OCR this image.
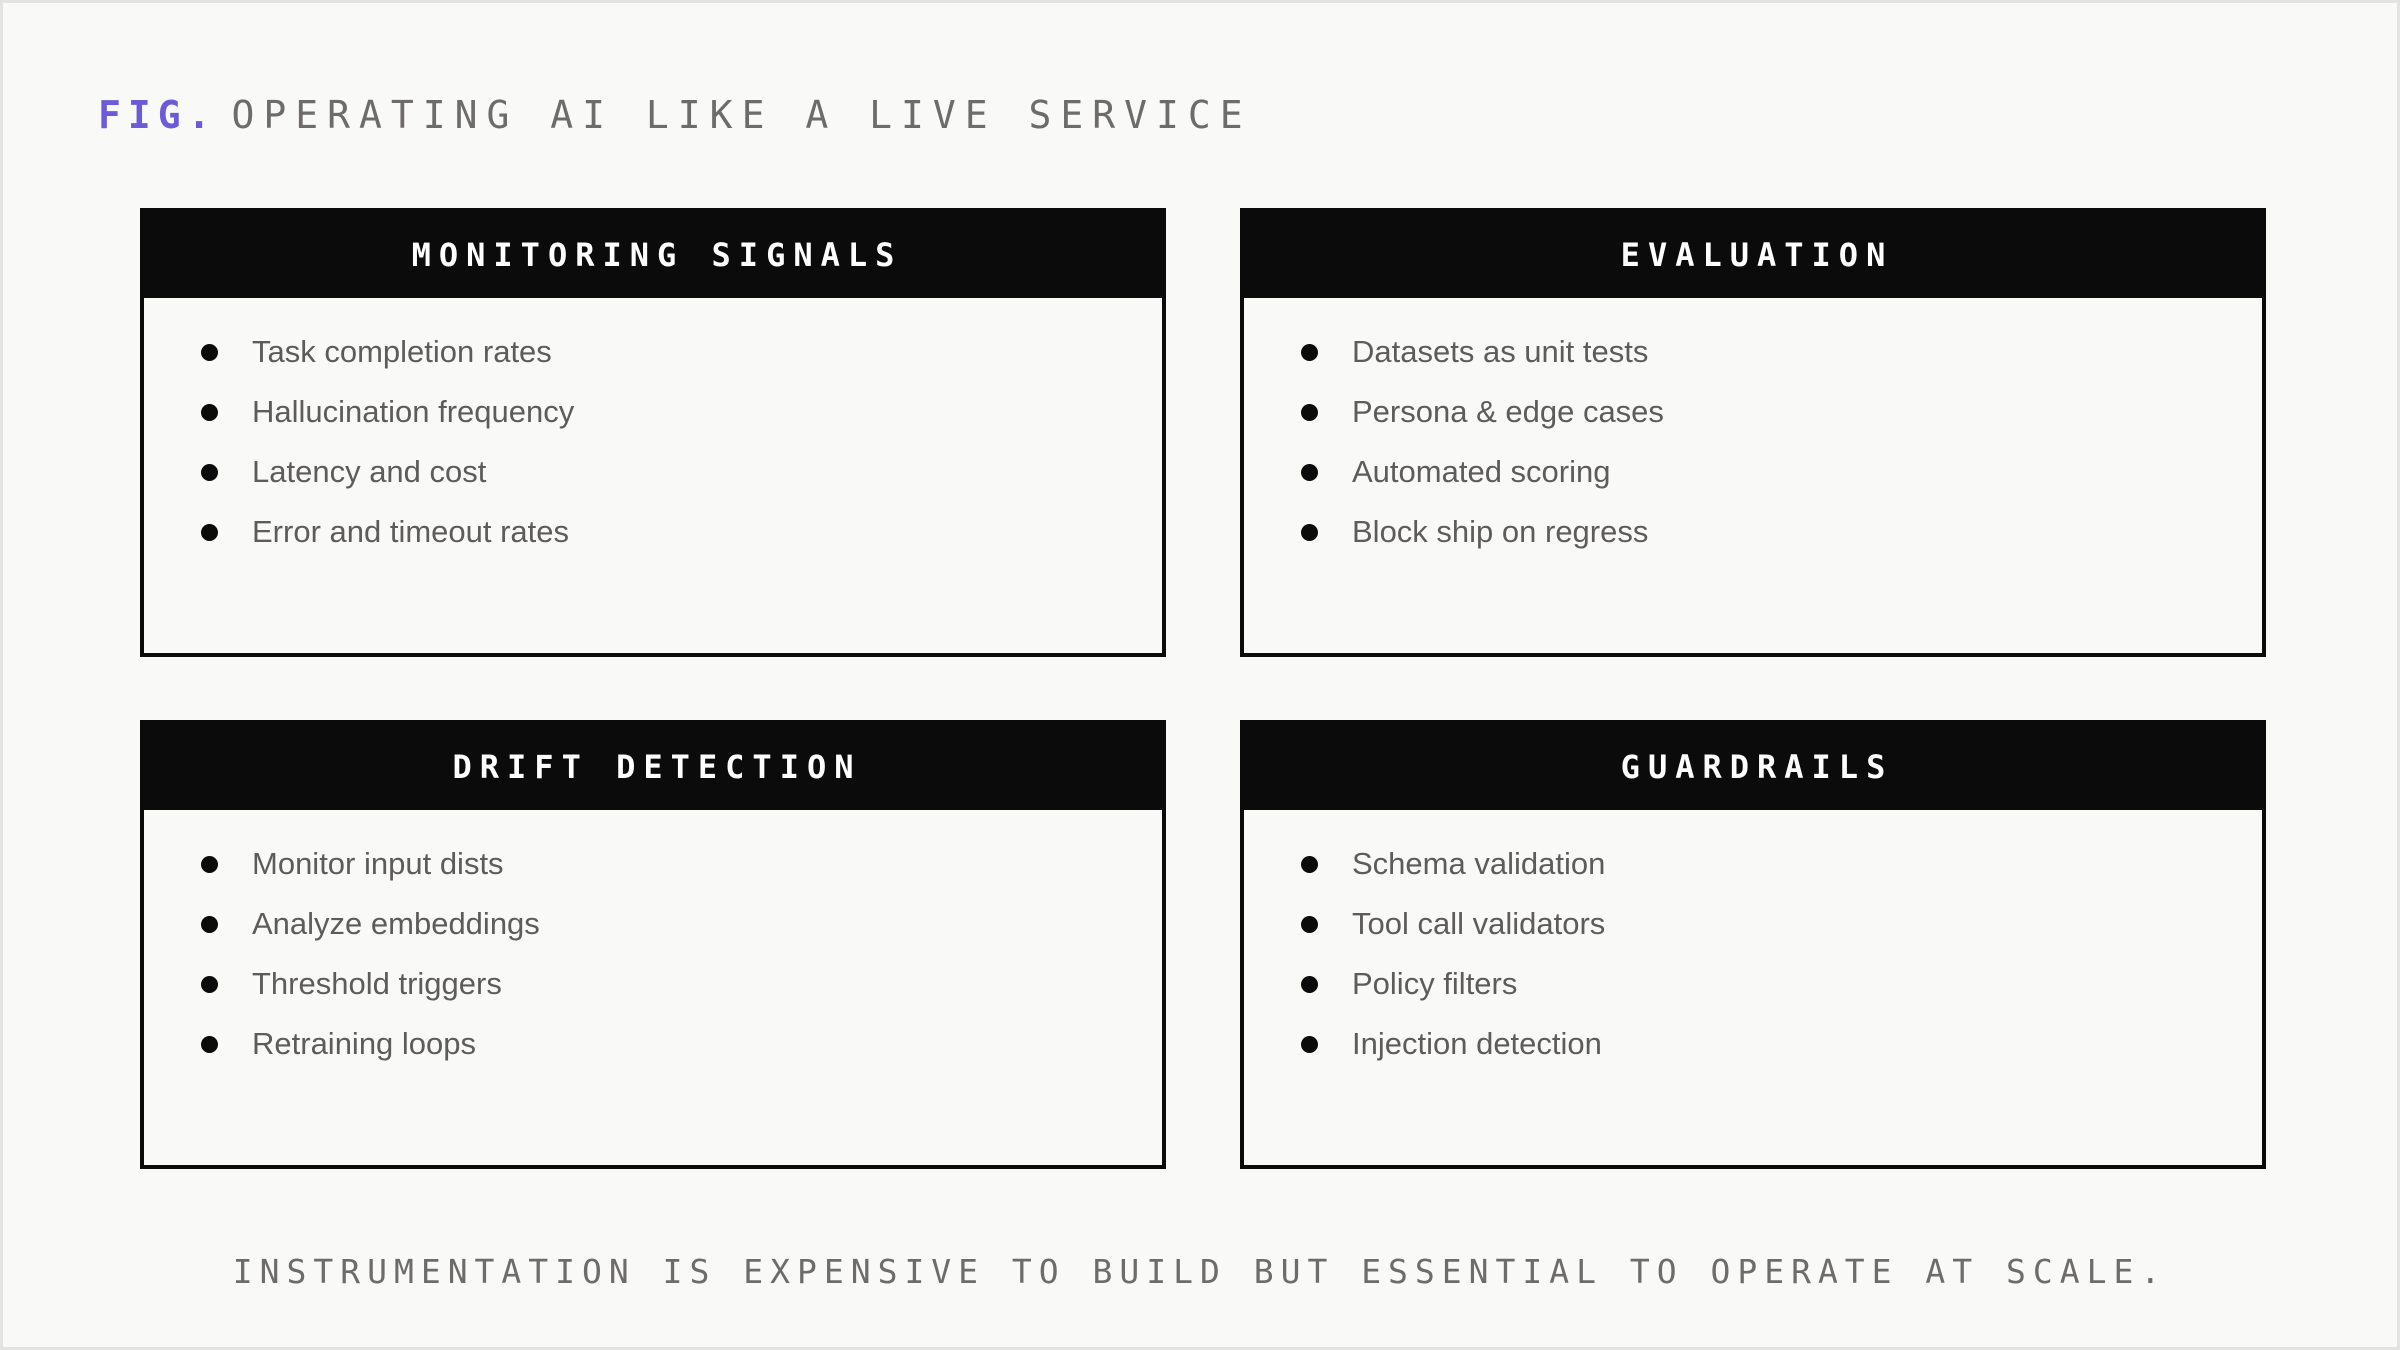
FIG. OPERATING AI LIKE A LIVE SERVICE
MONITORING SIGNALS
Task completion rates
Hallucination frequency
Latency and cost
Error and timeout rates
EVALUATION
Datasets as unit tests
Persona & edge cases
Automated scoring
Block ship on regress
DRIFT DETECTION
Monitor input dists
Analyze embeddings
Threshold triggers
Retraining loops
GUARDRAILS
Schema validation
Tool call validators
Policy filters
Injection detection
INSTRUMENTATION IS EXPENSIVE TO BUILD BUT ESSENTIAL TO OPERATE AT SCALE.
